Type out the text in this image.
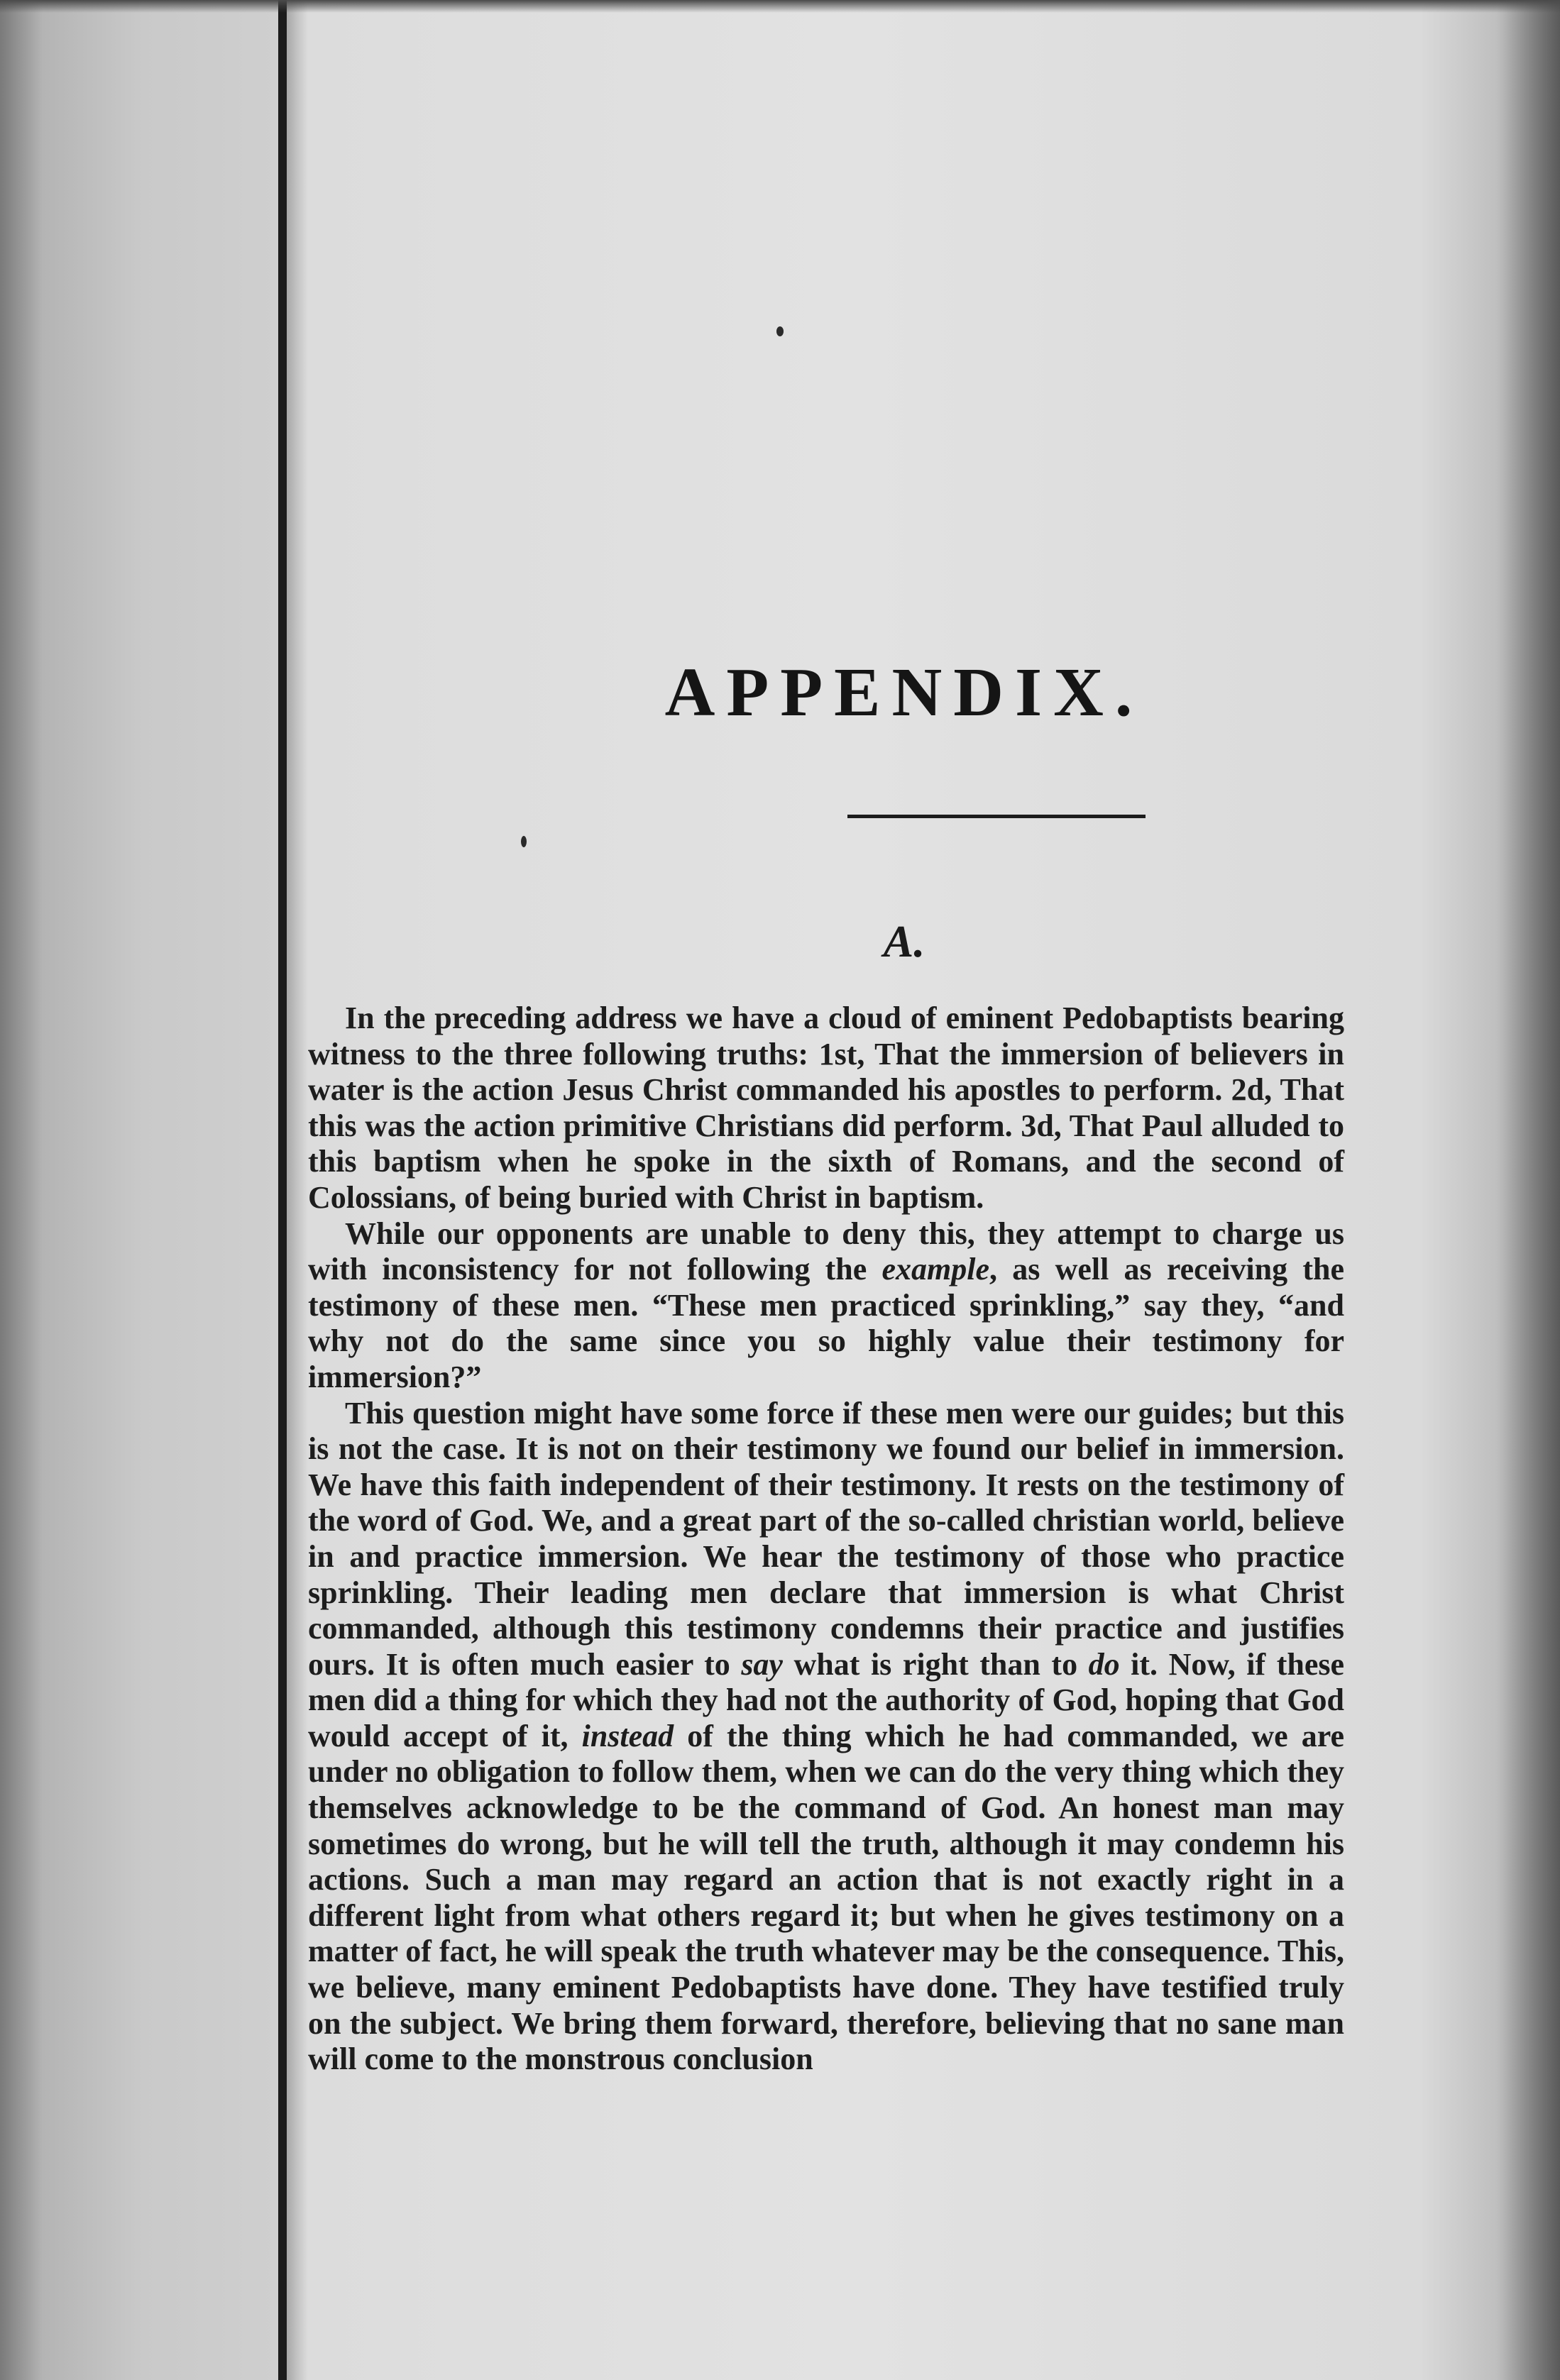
APPENDIX.
A.

In the preceding address we have a cloud of eminent Pedobaptists bearing witness to the three following truths: 1st, That the immersion of believers in water is the action Jesus Christ commanded his apostles to perform. 2d, That this was the action primitive Christians did perform. 3d, That Paul alluded to this baptism when he spoke in the sixth of Romans, and the second of Colossians, of being buried with Christ in baptism.

While our opponents are unable to deny this, they attempt to charge us with inconsistency for not following the example, as well as receiving the testimony of these men. “These men practiced sprinkling,” say they, “and why not do the same since you so highly value their testimony for immersion?”

This question might have some force if these men were our guides; but this is not the case. It is not on their testimony we found our belief in immersion. We have this faith independent of their testimony. It rests on the testimony of the word of God. We, and a great part of the so-called christian world, believe in and practice immersion. We hear the testimony of those who practice sprinkling. Their leading men declare that immersion is what Christ commanded, although this testimony condemns their practice and justifies ours. It is often much easier to say what is right than to do it. Now, if these men did a thing for which they had not the authority of God, hoping that God would accept of it, instead of the thing which he had commanded, we are under no obligation to follow them, when we can do the very thing which they themselves acknowledge to be the command of God. An honest man may sometimes do wrong, but he will tell the truth, although it may condemn his actions. Such a man may regard an action that is not exactly right in a different light from what others regard it; but when he gives testimony on a matter of fact, he will speak the truth whatever may be the consequence. This, we believe, many eminent Pedobaptists have done. They have testified truly on the subject. We bring them forward, therefore, believing that no sane man will come to the monstrous conclusion
